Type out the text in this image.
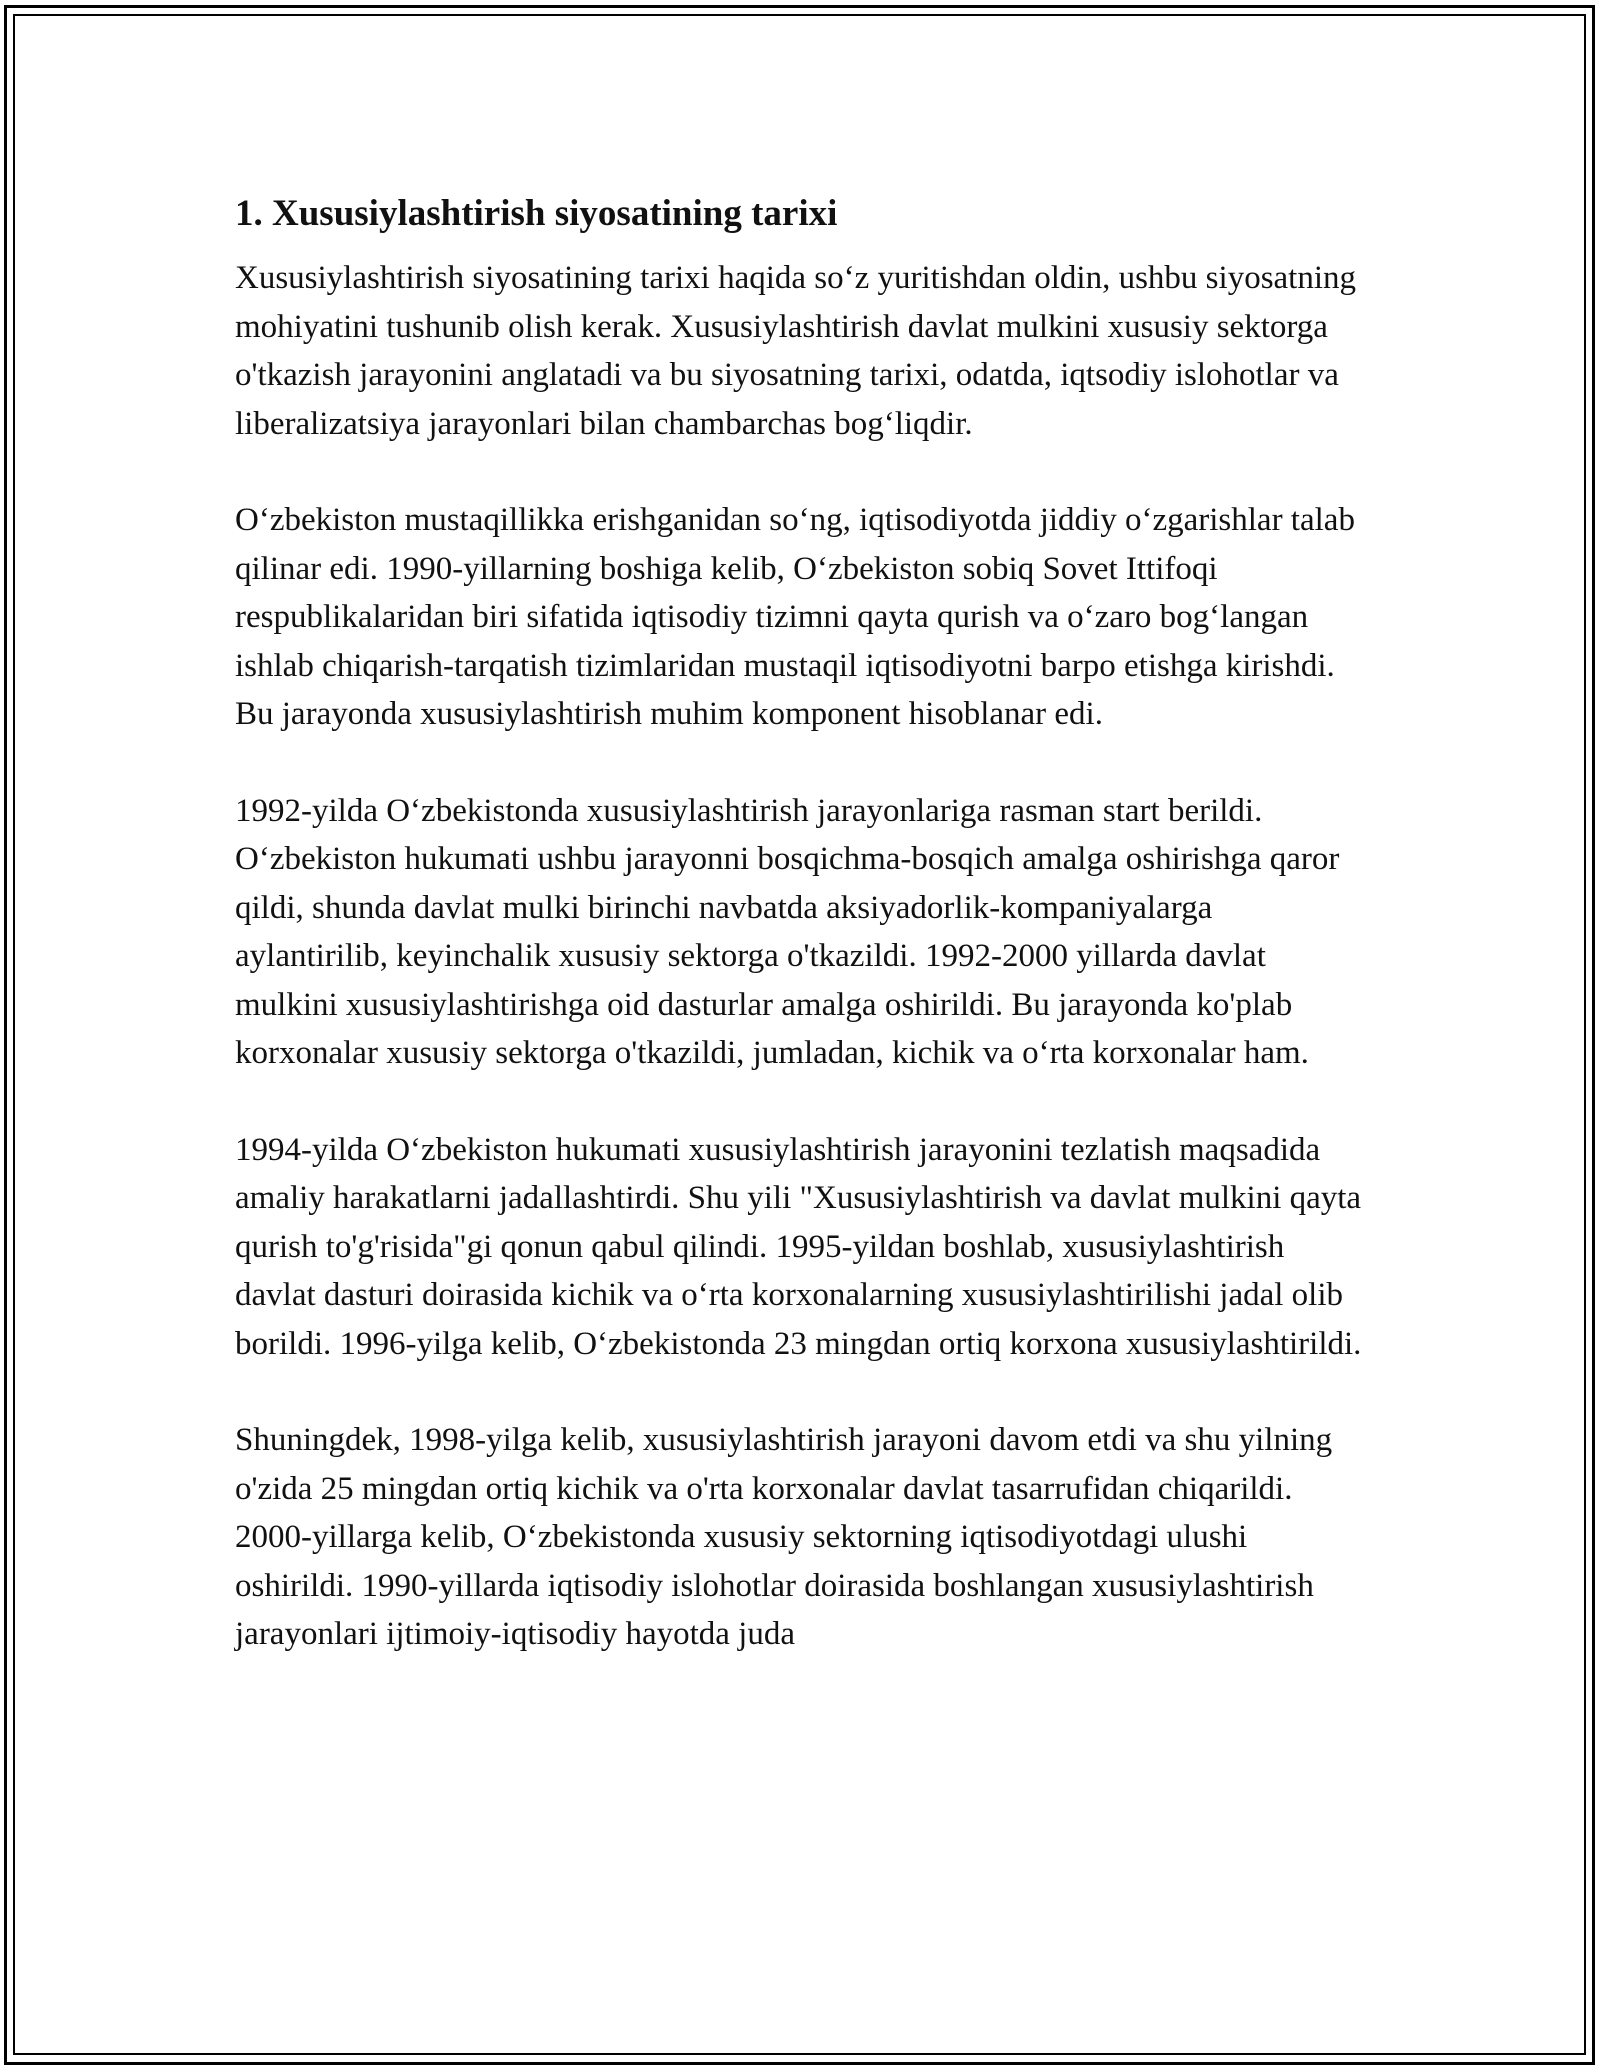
1. Xususiylashtirish siyosatining tarixi

Xususiylashtirish siyosatining tarixi haqida so‘z yuritishdan oldin, ushbu siyosatning mohiyatini tushunib olish kerak. Xususiylashtirish davlat mulkini xususiy sektorga o'tkazish jarayonini anglatadi va bu siyosatning tarixi, odatda, iqtsodiy islohotlar va liberalizatsiya jarayonlari bilan chambarchas bog‘liqdir.

O‘zbekiston mustaqillikka erishganidan so‘ng, iqtisodiyotda jiddiy o‘zgarishlar talab qilinar edi. 1990-yillarning boshiga kelib, O‘zbekiston sobiq Sovet Ittifoqi respublikalaridan biri sifatida iqtisodiy tizimni qayta qurish va o‘zaro bog‘langan ishlab chiqarish-tarqatish tizimlaridan mustaqil iqtisodiyotni barpo etishga kirishdi. Bu jarayonda xususiylashtirish muhim komponent hisoblanar edi.

1992-yilda O‘zbekistonda xususiylashtirish jarayonlariga rasman start berildi. O‘zbekiston hukumati ushbu jarayonni bosqichma-bosqich amalga oshirishga qaror qildi, shunda davlat mulki birinchi navbatda aksiyadorlik-kompaniyalarga aylantirilib, keyinchalik xususiy sektorga o'tkazildi. 1992-2000 yillarda davlat mulkini xususiylashtirishga oid dasturlar amalga oshirildi. Bu jarayonda ko'plab korxonalar xususiy sektorga o'tkazildi, jumladan, kichik va o‘rta korxonalar ham.

1994-yilda O‘zbekiston hukumati xususiylashtirish jarayonini tezlatish maqsadida amaliy harakatlarni jadallashtirdi. Shu yili "Xususiylashtirish va davlat mulkini qayta qurish to'g'risida"gi qonun qabul qilindi. 1995-yildan boshlab, xususiylashtirish davlat dasturi doirasida kichik va o‘rta korxonalarning xususiylashtirilishi jadal olib borildi. 1996-yilga kelib, O‘zbekistonda 23 mingdan ortiq korxona xususiylashtirildi.

Shuningdek, 1998-yilga kelib, xususiylashtirish jarayoni davom etdi va shu yilning o'zida 25 mingdan ortiq kichik va o'rta korxonalar davlat tasarrufidan chiqarildi. 2000-yillarga kelib, O‘zbekistonda xususiy sektorning iqtisodiyotdagi ulushi oshirildi. 1990-yillarda iqtisodiy islohotlar doirasida boshlangan xususiylashtirish jarayonlari ijtimoiy-iqtisodiy hayotda juda
